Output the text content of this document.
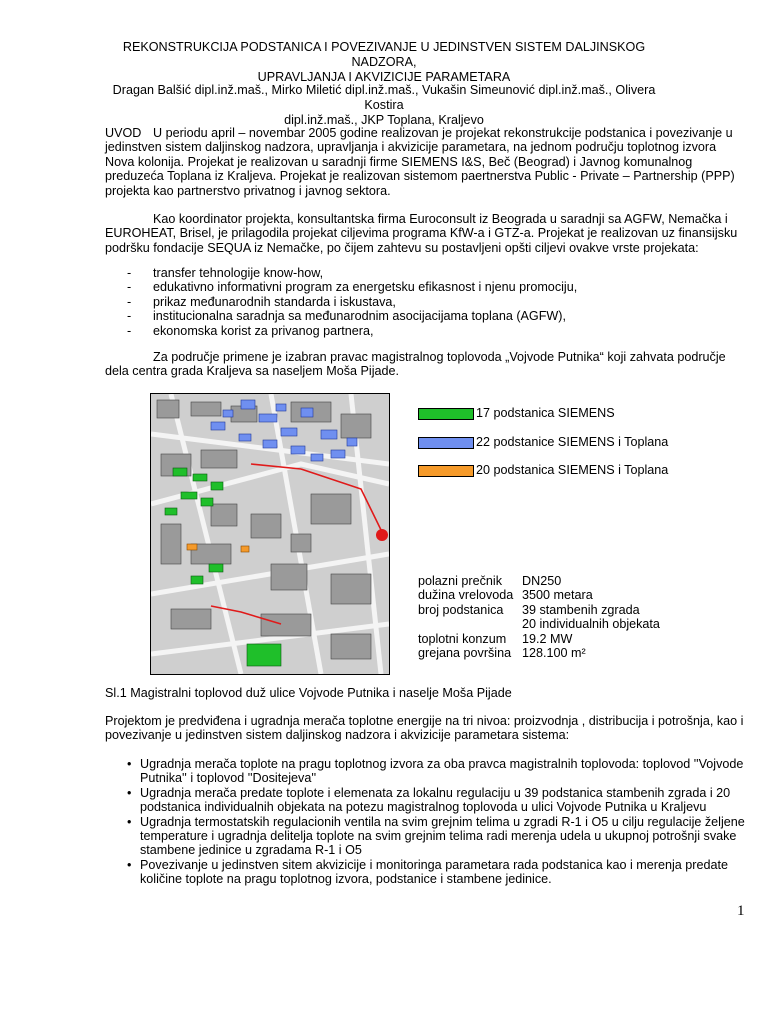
REKONSTRUKCIJA PODSTANICA I POVEZIVANJE U JEDINSTVEN SISTEM DALJINSKOG NADZORA,
UPRAVLJANJA I AKVIZICIJE PARAMETARA
Dragan Balšić dipl.inž.maš., Mirko Miletić dipl.inž.maš., Vukašin Simeunović dipl.inž.maš., Olivera Kostira
dipl.inž.maš., JKP Toplana, Kraljevo
UVOD U periodu april – novembar 2005 godine realizovan je projekat rekonstrukcije podstanica i povezivanje u jedinstven sistem daljinskog nadzora, upravljanja i akvizicije parametara, na jednom području toplotnog izvora Nova kolonija. Projekat je realizovan u saradnji firme SIEMENS I&S, Beč (Beograd) i Javnog komunalnog preduzeća Toplana iz Kraljeva. Projekat je realizovan sistemom paertnerstva Public - Private – Partnership (PPP) projekta kao partnerstvo privatnog i javnog sektora.
Kao koordinator projekta, konsultantska firma Euroconsult iz Beograda u saradnji sa AGFW, Nemačka i EUROHEAT, Brisel, je prilagodila projekat ciljevima programa KfW-a i GTZ-a. Projekat je realizovan uz finansijsku podršku fondacije SEQUA iz Nemačke, po čijem zahtevu su postavljeni opšti ciljevi ovakve vrste projekata:
- transfer tehnologije know-how,
- edukativno informativni program za energetsku efikasnost i njenu promociju,
- prikaz međunarodnih standarda i iskustava,
- institucionalna saradnja sa međunarodnim asocijacijama toplana (AGFW),
- ekonomska korist za privanog partnera,
Za područje primene je izabran pravac magistralnog toplovoda „Vojvode Putnika“ koji zahvata područje dela centra grada Kraljeva sa naseljem Moša Pijade.
17 podstanica SIEMENS
22 podstanice SIEMENS i Toplana
20 podstanica SIEMENS i Toplana
polazni prečnik DN250
dužina vrelovoda 3500 metara
broj podstanica 39 stambenih zgrada
20 individualnih objekata
toplotni konzum 19.2 MW
grejana površina 128.100 m²
Sl.1 Magistralni toplovod duž ulice Vojvode Putnika i naselje Moša Pijade
Projektom je predviđena i ugradnja merača toplotne energije na tri nivoa: proizvodnja , distribucija i potrošnja, kao i povezivanje u jedinstven sistem daljinskog nadzora i akvizicije parametara sistema:
• Ugradnja merača toplote na pragu toplotnog izvora za oba pravca magistralnih toplovoda: toplovod ''Vojvode Putnika'' i toplovod ''Dositejeva''
• Ugradnja merača predate toplote i elemenata za lokalnu regulaciju u 39 podstanica stambenih zgrada i 20 podstanica individualnih objekata na potezu magistralnog toplovoda u ulici Vojvode Putnika u Kraljevu
• Ugradnja termostatskih regulacionih ventila na svim grejnim telima u zgradi R-1 i O5 u cilju regulacije željene temperature i ugradnja delitelja toplote na svim grejnim telima radi merenja udela u ukupnoj potrošnji svake stambene jedinice u zgradama R-1 i O5
• Povezivanje u jedinstven sitem akvizicije i monitoringa parametara rada podstanica kao i merenja predate količine toplote na pragu toplotnog izvora, podstanice i stambene jedinice.
1
